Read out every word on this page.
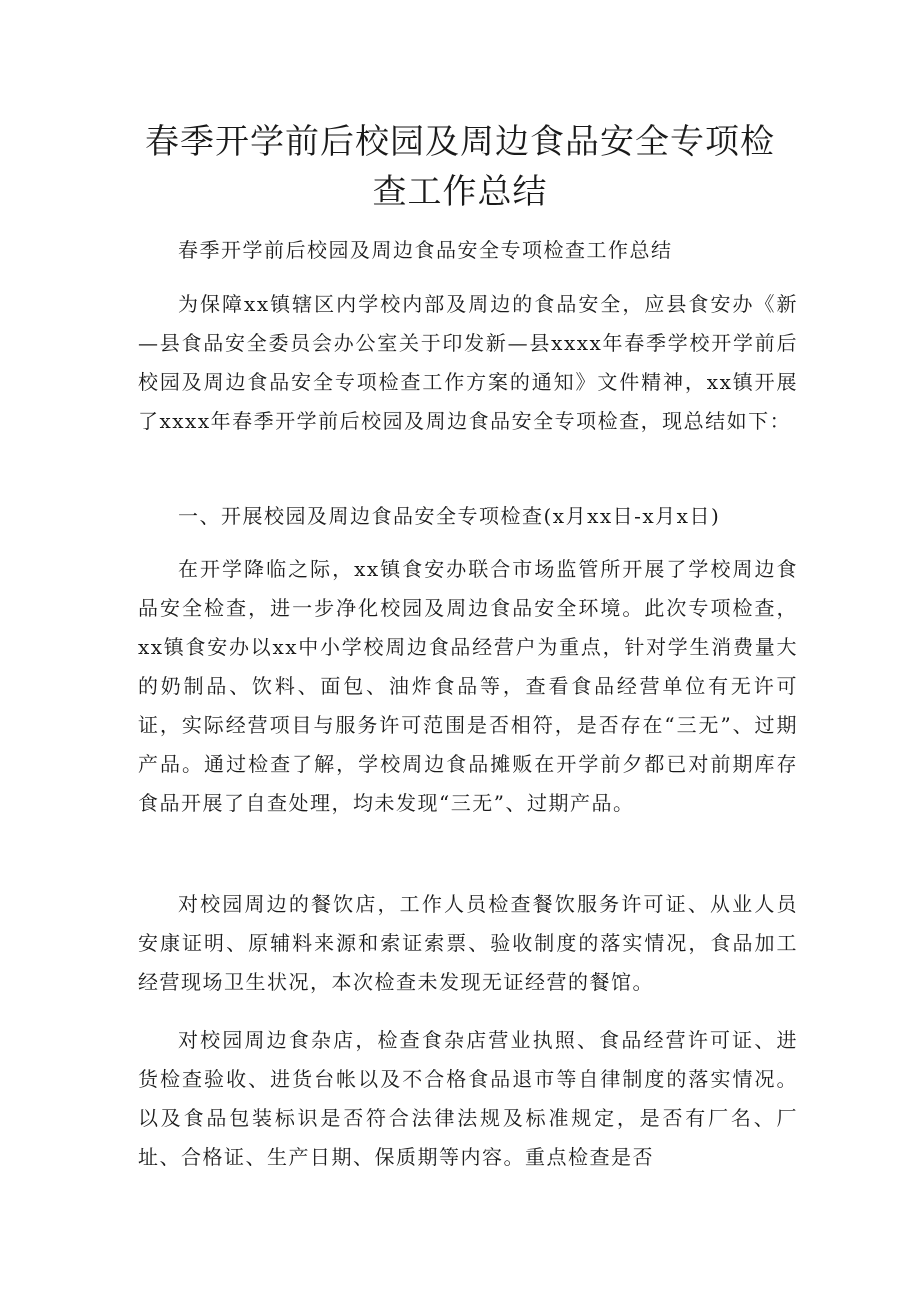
春季开学前后校园及周边食品安全专项检
查工作总结

春季开学前后校园及周边食品安全专项检查工作总结

为保障xx镇辖区内学校内部及周边的食品安全，应县食安办《新—县食品安全委员会办公室关于印发新—县xxxx年春季学校开学前后校园及周边食品安全专项检查工作方案的通知》文件精神，xx镇开展了xxxx年春季开学前后校园及周边食品安全专项检查，现总结如下：

一、开展校园及周边食品安全专项检查(x月xx日-x月x日)

在开学降临之际，xx镇食安办联合市场监管所开展了学校周边食品安全检查，进一步净化校园及周边食品安全环境。此次专项检查，xx镇食安办以xx中小学校周边食品经营户为重点，针对学生消费量大的奶制品、饮料、面包、油炸食品等，查看食品经营单位有无许可证，实际经营项目与服务许可范围是否相符，是否存在“三无”、过期产品。通过检查了解，学校周边食品摊贩在开学前夕都已对前期库存食品开展了自查处理，均未发现“三无”、过期产品。

对校园周边的餐饮店，工作人员检查餐饮服务许可证、从业人员安康证明、原辅料来源和索证索票、验收制度的落实情况，食品加工经营现场卫生状况，本次检查未发现无证经营的餐馆。

对校园周边食杂店，检查食杂店营业执照、食品经营许可证、进货检查验收、进货台帐以及不合格食品退市等自律制度的落实情况。以及食品包装标识是否符合法律法规及标准规定，是否有厂名、厂址、合格证、生产日期、保质期等内容。重点检查是否
